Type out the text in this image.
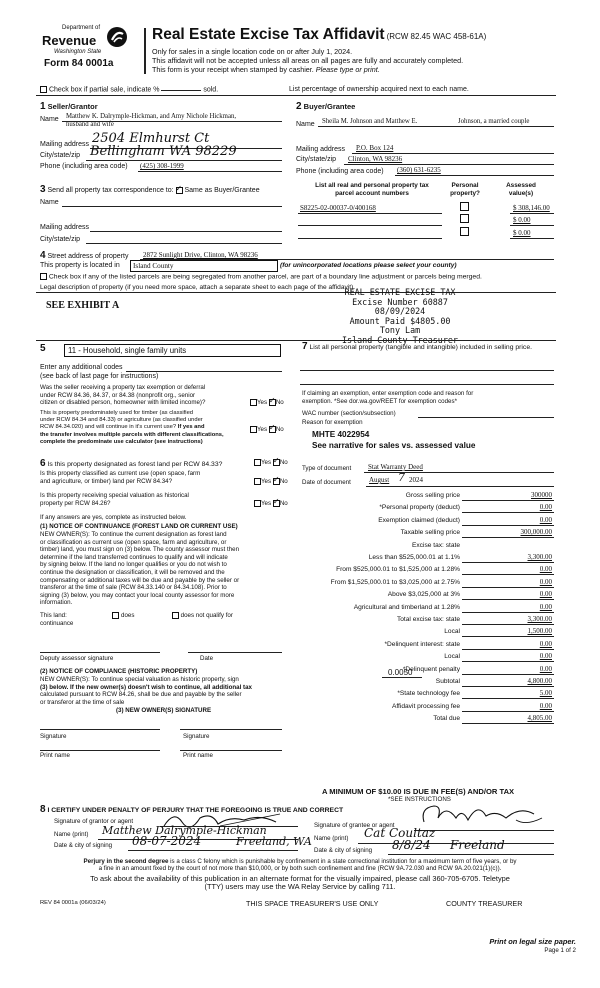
Department of
Revenue
Washington State
Form 84 0001a
Real Estate Excise Tax Affidavit (RCW 82.45 WAC 458-61A)
Only for sales in a single location code on or after July 1, 2024.
This affidavit will not be accepted unless all areas on all pages are fully and accurately completed.
This form is your receipt when stamped by cashier. Please type or print.
Check box if partial sale, indicate %	sold.	List percentage of ownership acquired next to each name.
1 Seller/Grantor
Name Matthew K. Dalrymple-Hickman, and Amy Nichole Hickman,
husband and wife
Mailing address 2504 Elmhurst Ct
City/state/zip Bellingham WA 98229
Phone (including area code) (425) 308-1999
2 Buyer/Grantee
Name Sheila M. Johnson and Matthew E.	Johnson, a married couple
Mailing address P.O. Box 124
City/state/zip Clinton, WA 98236
Phone (including area code) (360) 631-6235
3 Send all property tax correspondence to: ✓ Same as Buyer/Grantee
Name
Mailing address
City/state/zip
List all real and personal property tax
parcel account numbers
Personal
property?
Assessed
value(s)
S8225-02-00037-0/400168	$ 308,146.00
$ 0.00
$ 0.00
4 Street address of property 2872 Sunlight Drive, Clinton, WA 98236
This property is located in	Island County	(for unincorporated locations please select your county)
Check box if any of the listed parcels are being segregated from another parcel, are part of a boundary line adjustment or parcels being merged.
Legal description of property (if you need more space, attach a separate sheet to each page of the affidavit).
SEE EXHIBIT A
REAL ESTATE EXCISE TAX
Excise Number 60887
08/09/2024
Amount Paid $4805.00
Tony Lam
Island County Treasurer
5	11 - Household, single family units
Enter any additional codes
(see back of last page for instructions)
Was the seller receiving a property tax exemption or deferral
under RCW 84.36, 84.37, or 84.38 (nonprofit org., senior
citizen or disabled person, homeowner with limited income)?	Yes ✓ No
This is property predominately used for timber (as classified
under RCW 84.34 and 84.33) or agriculture (as classified under
RCW 84.34.020) and will continue in it's current use? If yes and
the transfer involves multiple parcels with different classifications,
complete the predominate use calculator (see instructions)
Yes ✓ No
7 List all personal property (tangible and intangible) included in selling price.
If claiming an exemption, enter exemption code and reason for
exemption. *See dor.wa.gov/REET for exemption codes*
WAC number (section/subsection)
Reason for exemption
MHTE 4022954
See narrative for sales vs. assessed value
6 Is this property designated as forest land per RCW 84.33?	Yes ✓ No
Is this property classified as current use (open space, farm
and agriculture, or timber) land per RCW 84.34?	Yes ✓ No
Is this property receiving special valuation as historical
property per RCW 84.26?	Yes ✓ No
If any answers are yes, complete as instructed below.
(1) NOTICE OF CONTINUANCE (FOREST LAND OR CURRENT USE)
NEW OWNER(S): To continue the current designation as forest land
or classification as current use (open space, farm and agriculture, or
timber) land, you must sign on (3) below. The county assessor must then
determine if the land transferred continues to qualify and will indicate
by signing below. If the land no longer qualifies or you do not wish to
continue the designation or classification, it will be removed and the
compensating or additional taxes will be due and payable by the seller or
transferor at the time of sale (RCW 84.33.140 or 84.34.108). Prior to
signing (3) below, you may contact your local county assessor for more
information.
This land:	does	does not qualify for
continuance
Deputy assessor signature	Date
(2) NOTICE OF COMPLIANCE (HISTORIC PROPERTY)
NEW OWNER(S): To continue special valuation as historic property, sign
(3) below. If the new owner(s) doesn't wish to continue, all additional tax
calculated pursuant to RCW 84.26, shall be due and payable by the seller
or transferor at the time of sale
(3) NEW OWNER(S) SIGNATURE
Signature	Signature
Print name	Print name
Type of document Stat Warranty Deed
Date of document	August 7 2024
Gross selling price	300000
*Personal property (deduct)	0.00
Exemption claimed (deduct)	0.00
Taxable selling price	300,000.00
Excise tax: state
Less than $525,000.01 at 1.1%	3,300.00
From $525,000.01 to $1,525,000 at 1.28%	0.00
From $1,525,000.01 to $3,025,000 at 2.75%	0.00
Above $3,025,000 at 3%	0.00
Agricultural and timberland at 1.28%	0.00
Total excise tax: state	3,300.00
Local	1,500.00
*Delinquent interest: state	0.00
Local	0.00
*Delinquent penalty	0.00
Subtotal	4,800.00
*State technology fee	5.00
Affidavit processing fee	0.00
Total due	4,805.00
0.0050
A MINIMUM OF $10.00 IS DUE IN FEE(S) AND/OR TAX
*SEE INSTRUCTIONS
8 I CERTIFY UNDER PENALTY OF PERJURY THAT THE FOREGOING IS TRUE AND CORRECT
Signature of grantor or agent
Name (print) Matthew Dalrymple-Hickman
Date & city of signing 08-07-2024	Freeland, WA
Signature of grantee or agent
Name (print) Cat Coultaz
Date & city of signing 8/8/24 Freeland
Perjury in the second degree is a class C felony which is punishable by confinement in a state correctional institution for a maximum term of five years, or by
a fine in an amount fixed by the court of not more than $10,000, or by both such confinement and fine (RCW 9A.72.030 and RCW 9A.20.021(1)(c)).
To ask about the availability of this publication in an alternate format for the visually impaired, please call 360-705-6705. Teletype
(TTY) users may use the WA Relay Service by calling 711.
REV 84 0001a (06/03/24)	THIS SPACE TREASURER'S USE ONLY	COUNTY TREASURER
Print on legal size paper.
Page 1 of 2
